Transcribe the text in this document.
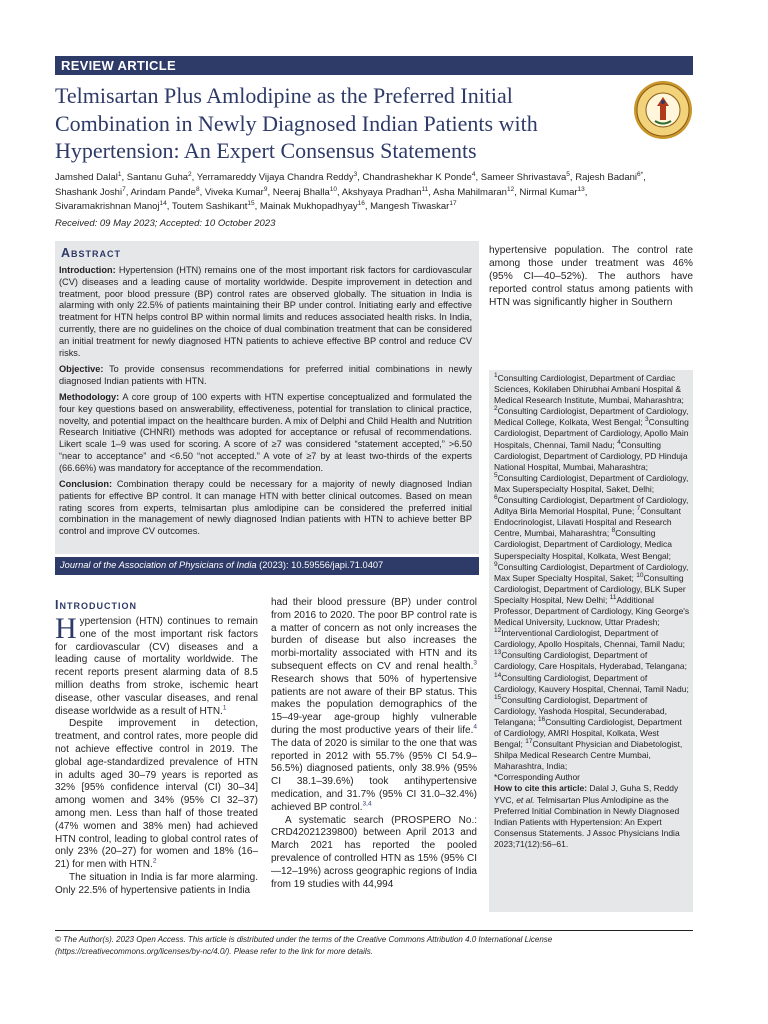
REVIEW ARTICLE
Telmisartan Plus Amlodipine as the Preferred Initial
Combination in Newly Diagnosed Indian Patients with
Hypertension: An Expert Consensus Statements
Jamshed Dalal$^1$, Santanu Guha$^2$, Yerramareddy Vijaya Chandra Reddy$^3$, Chandrashekhar K Ponde$^4$, Sameer Shrivastava$^5$, Rajesh Badani$^{6*}$,
Shashank Joshi$^7$, Arindam Pande$^8$, Viveka Kumar$^9$, Neeraj Bhalla$^{10}$, Akshyaya Pradhan$^{11}$, Asha Mahilmaran$^{12}$, Nirmal Kumar$^{13}$,
Sivaramakrishnan Manoj$^{14}$, Toutem Sashikant$^{15}$, Mainak Mukhopadhyay$^{16}$, Mangesh Tiwaskar$^{17}$
Received: 09 May 2023; Accepted: 10 October 2023
Abstract

Introduction: Hypertension (HTN) remains one of the most important risk factors for cardiovascular (CV) diseases and a leading cause of mortality worldwide. Despite improvement in detection and treatment, poor blood pressure (BP) control rates are observed globally. The situation in India is alarming with only 22.5% of patients maintaining their BP under control. Initiating early and effective treatment for HTN helps control BP within normal limits and reduces associated health risks. In India, currently, there are no guidelines on the choice of dual combination treatment that can be considered an initial treatment for newly diagnosed HTN patients to achieve effective BP control and reduce CV risks.

Objective: To provide consensus recommendations for preferred initial combinations in newly diagnosed Indian patients with HTN.

Methodology: A core group of 100 experts with HTN expertise conceptualized and formulated the four key questions based on answerability, effectiveness, potential for translation to clinical practice, novelty, and potential impact on the healthcare burden. A mix of Delphi and Child Health and Nutrition Research Initiative (CHNRI) methods was adopted for acceptance or refusal of recommendations. Likert scale 1–9 was used for scoring. A score of ≥7 was considered “statement accepted,” >6.50 “near to acceptance” and <6.50 “not accepted.” A vote of ≥7 by at least two-thirds of the experts (66.66%) was mandatory for acceptance of the recommendation.

Conclusion: Combination therapy could be necessary for a majority of newly diagnosed Indian patients for effective BP control. It can manage HTN with better clinical outcomes. Based on mean rating scores from experts, telmisartan plus amlodipine can be considered the preferred initial combination in the management of newly diagnosed Indian patients with HTN to achieve better BP control and improve CV outcomes.

Journal of the Association of Physicians of India (2023): 10.59556/japi.71.0407
Introduction

Hypertension (HTN) continues to remain one of the most important risk factors for cardiovascular (CV) diseases and a leading cause of mortality worldwide. The recent reports present alarming data of 8.5 million deaths from stroke, ischemic heart disease, other vascular diseases, and renal disease worldwide as a result of HTN.$^1$

Despite improvement in detection, treatment, and control rates, more people did not achieve effective control in 2019. The global age-standardized prevalence of HTN in adults aged 30–79 years is reported as 32% [95% confidence interval (CI) 30–34] among women and 34% (95% CI 32–37) among men. Less than half of those treated (47% women and 38% men) had achieved HTN control, leading to global control rates of only 23% (20–27) for women and 18% (16–21) for men with HTN.$^2$

The situation in India is far more alarming. Only 22.5% of hypertensive patients in India

had their blood pressure (BP) under control from 2016 to 2020. The poor BP control rate is a matter of concern as not only increases the burden of disease but also increases the morbi-mortality associated with HTN and its subsequent effects on CV and renal health.$^3$ Research shows that 50% of hypertensive patients are not aware of their BP status. This makes the population demographics of the 15–49-year age-group highly vulnerable during the most productive years of their life.$^4$ The data of 2020 is similar to the one that was reported in 2012 with 55.7% (95% CI 54.9–56.5%) diagnosed patients, only 38.9% (95% CI 38.1–39.6%) took antihypertensive medication, and 31.7% (95% CI 31.0–32.4%) achieved BP control.$^{3,4}$

A systematic search (PROSPERO No.: CRD42021239800) between April 2013 and March 2021 has reported the pooled prevalence of controlled HTN as 15% (95% CI—12–19%) across geographic regions of India from 19 studies with 44,994

hypertensive population. The control rate among those under treatment was 46% (95% CI—40–52%). The authors have reported control status among patients with HTN was significantly higher in Southern

$^1$Consulting Cardiologist, Department of Cardiac Sciences, Kokilaben Dhirubhai Ambani Hospital & Medical Research Institute, Mumbai, Maharashtra; $^2$Consulting Cardiologist, Department of Cardiology, Medical College, Kolkata, West Bengal; $^3$Consulting Cardiologist, Department of Cardiology, Apollo Main Hospitals, Chennai, Tamil Nadu; $^4$Consulting Cardiologist, Department of Cardiology, PD Hinduja National Hospital, Mumbai, Maharashtra; $^5$Consulting Cardiologist, Department of Cardiology, Max Superspecialty Hospital, Saket, Delhi; $^6$Consulting Cardiologist, Department of Cardiology, Aditya Birla Memorial Hospital, Pune; $^7$Consultant Endocrinologist, Lilavati Hospital and Research Centre, Mumbai, Maharashtra; $^8$Consulting Cardiologist, Department of Cardiology, Medica Superspecialty Hospital, Kolkata, West Bengal; $^9$Consulting Cardiologist, Department of Cardiology, Max Super Specialty Hospital, Saket; $^{10}$Consulting Cardiologist, Department of Cardiology, BLK Super Specialty Hospital, New Delhi; $^{11}$Additional Professor, Department of Cardiology, King George's Medical University, Lucknow, Uttar Pradesh; $^{12}$Interventional Cardiologist, Department of Cardiology, Apollo Hospitals, Chennai, Tamil Nadu; $^{13}$Consulting Cardiologist, Department of Cardiology, Care Hospitals, Hyderabad, Telangana; $^{14}$Consulting Cardiologist, Department of Cardiology, Kauvery Hospital, Chennai, Tamil Nadu; $^{15}$Consulting Cardiologist, Department of Cardiology, Yashoda Hospital, Secunderabad, Telangana; $^{16}$Consulting Cardiologist, Department of Cardiology, AMRI Hospital, Kolkata, West Bengal; $^{17}$Consultant Physician and Diabetologist, Shilpa Medical Research Centre Mumbai, Maharashtra, India;
*Corresponding Author
How to cite this article: Dalal J, Guha S, Reddy YVC, et al. Telmisartan Plus Amlodipine as the Preferred Initial Combination in Newly Diagnosed Indian Patients with Hypertension: An Expert Consensus Statements. J Assoc Physicians India 2023;71(12):56–61.
© The Author(s). 2023 Open Access. This article is distributed under the terms of the Creative Commons Attribution 4.0 International License (https://creativecommons.org/licenses/by-nc/4.0/). Please refer to the link for more details.
